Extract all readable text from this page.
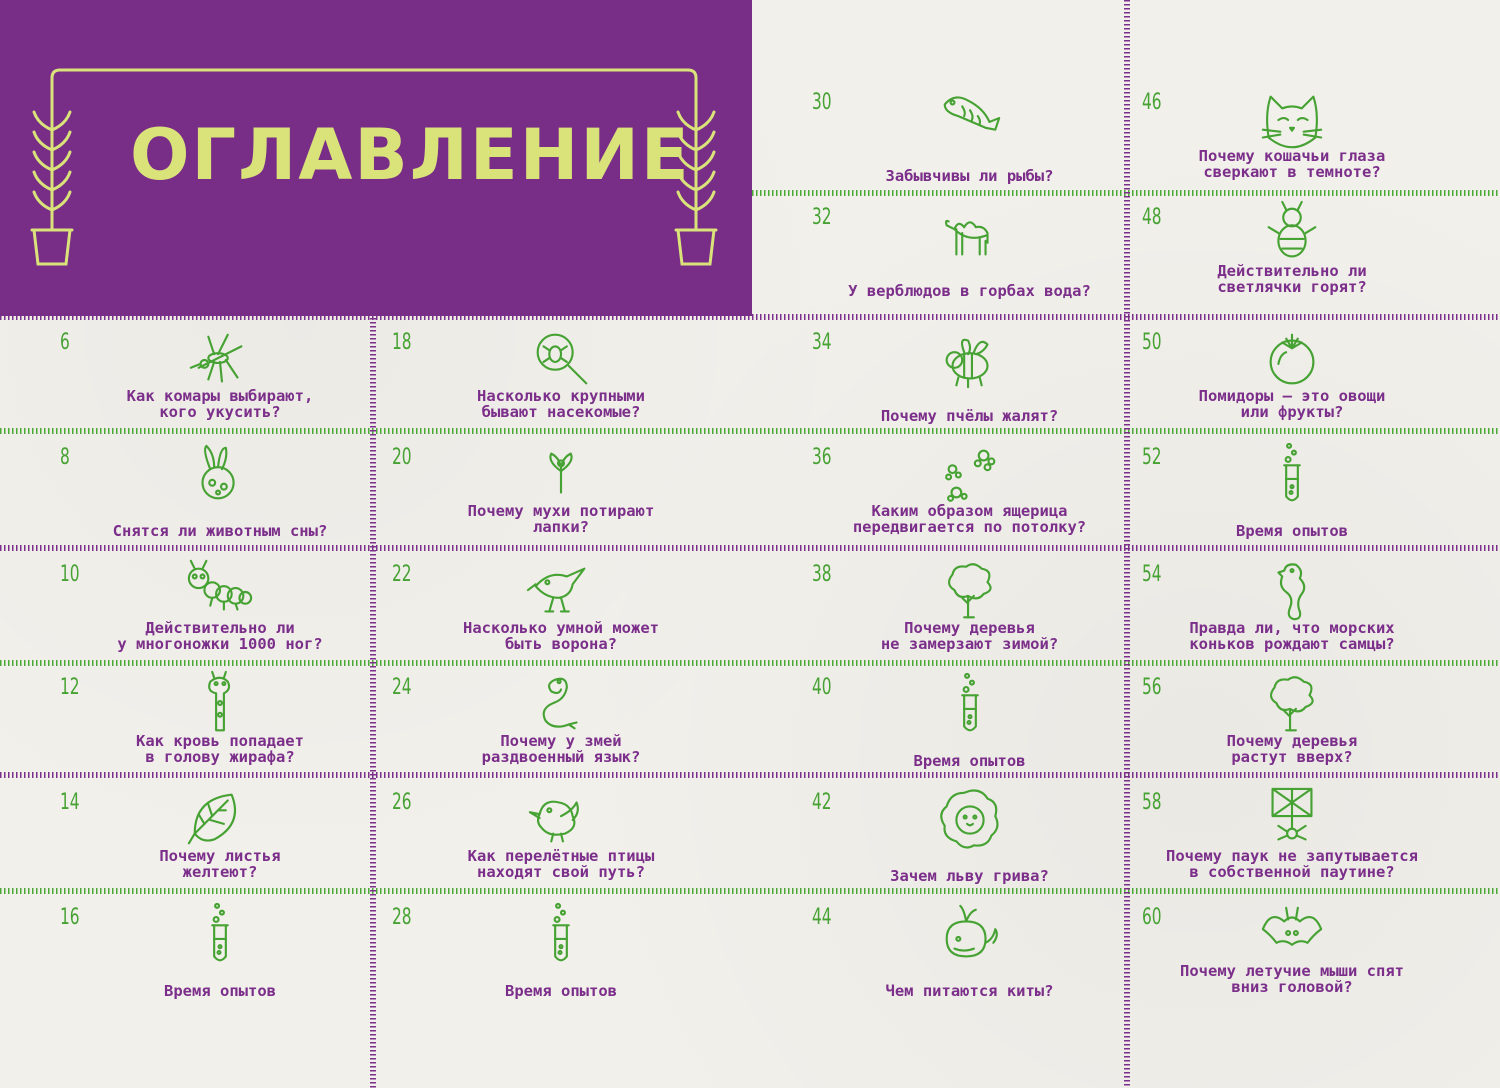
ОГЛАВЛЕНИЕ
6
Как комары выбирают,
кого укусить?
8
Снятся ли животным сны?
10
Действительно ли
у многоножки 1000 ног?
12
Как кровь попадает
в голову жирафа?
14
Почему листья
желтеют?
16
Время опытов
18
Насколько крупными
бывают насекомые?
20
Почему мухи потирают
лапки?
22
Насколько умной может
быть ворона?
24
Почему у змей
раздвоенный язык?
26
Как перелётные птицы
находят свой путь?
28
Время опытов
30
Забывчивы ли рыбы?
32
У верблюдов в горбах вода?
34
Почему пчёлы жалят?
36
Каким образом ящерица
передвигается по потолку?
38
Почему деревья
не замерзают зимой?
40
Время опытов
42
Зачем льву грива?
44
Чем питаются киты?
46
Почему кошачьи глаза
сверкают в темноте?
48
Действительно ли
светлячки горят?
50
Помидоры — это овощи
или фрукты?
52
Время опытов
54
Правда ли, что морских
коньков рождают самцы?
56
Почему деревья
растут вверх?
58
Почему паук не запутывается
в собственной паутине?
60
Почему летучие мыши спят
вниз головой?
